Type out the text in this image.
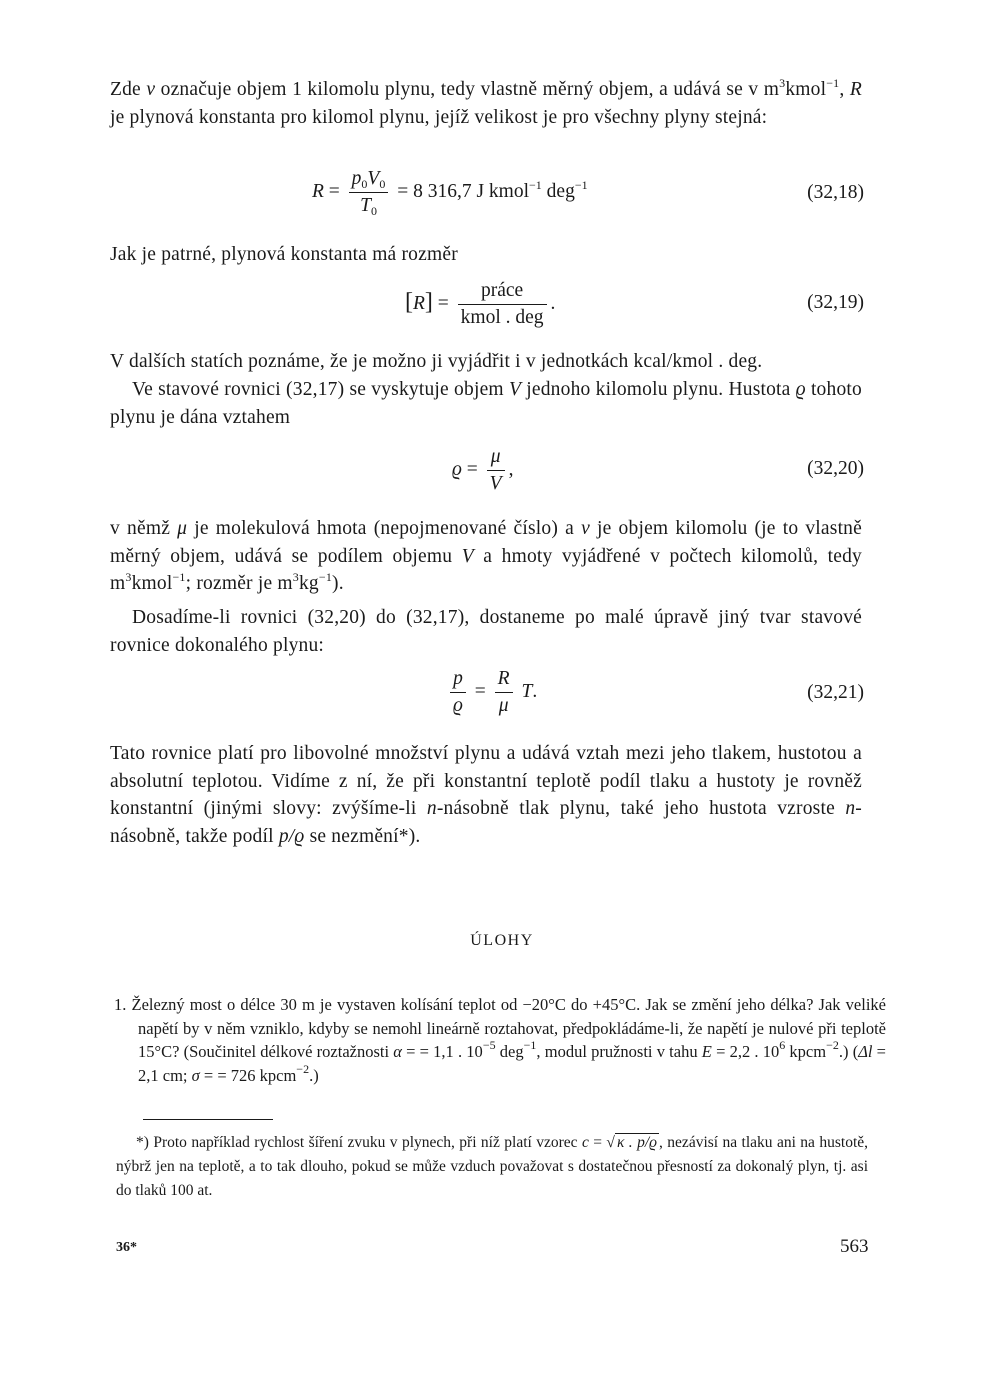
Zde v označuje objem 1 kilomolu plynu, tedy vlastně měrný objem, a udává se v $m^3kmol^{-1}$, R je plynová konstanta pro kilomol plynu, jejíž velikost je pro všechny plyny stejná:

$R = \frac{p_0V_0}{T_0} = 8$ 316,7 J kmol$^{-1}$ deg$^{-1}$	(32,18)

Jak je patrné, plynová konstanta má rozměr

$[R] = \frac{\text{práce}}{\text{kmol . deg}}$ .	(32,19)

V dalších statích poznáme, že je možno ji vyjádřit i v jednotkách kcal/kmol . deg.

Ve stavové rovnici (32,17) se vyskytuje objem V jednoho kilomolu plynu. Hustota ϱ tohoto plynu je dána vztahem

$ϱ = \frac{\mu}{V}$ ,	(32,20)

v němž μ je molekulová hmota (nepojmenované číslo) a v je objem kilomolu (je to vlastně měrný objem, udává se podílem objemu V a hmoty vyjádřené v počtech kilomolů, tedy $m^3kmol^{-1}$; rozměr je $m^3kg^{-1}$).

Dosadíme-li rovnici (32,20) do (32,17), dostaneme po malé úpravě jiný tvar stavové rovnice dokonalého plynu:

$\frac{p}{ϱ} = \frac{R}{\mu} T$.	(32,21)

Tato rovnice platí pro libovolné množství plynu a udává vztah mezi jeho tlakem, hustotou a absolutní teplotou. Vidíme z ní, že při konstantní teplotě podíl tlaku a hustoty je rovněž konstantní (jinými slovy: zvýšíme-li n-násobně tlak plynu, také jeho hustota vzroste n-násobně, takže podíl p/ϱ se nezmění*).

ÚLOHY

1. Železný most o délce 30 m je vystaven kolísání teplot od −20°C do +45°C. Jak se změní jeho délka? Jak veliké napětí by v něm vzniklo, kdyby se nemohl lineárně roztahovat, předpokládáme-li, že napětí je nulové při teplotě 15°C? (Součinitel délkové roztažnosti α = = 1,1 . $10^{-5}$ deg$^{-1}$, modul pružnosti v tahu E = 2,2 . $10^6$ kpcm$^{-2}$.) (Δl = 2,1 cm; σ = = 726 kpcm$^{-2}$.)

*) Proto například rychlost šíření zvuku v plynech, při níž platí vzorec c = √ κ . p/ϱ , nezávisí na tlaku ani na hustotě, nýbrž jen na teplotě, a to tak dlouho, pokud se může vzduch považovat s dostatečnou přesností za dokonalý plyn, tj. asi do tlaků 100 at.

36*	563
